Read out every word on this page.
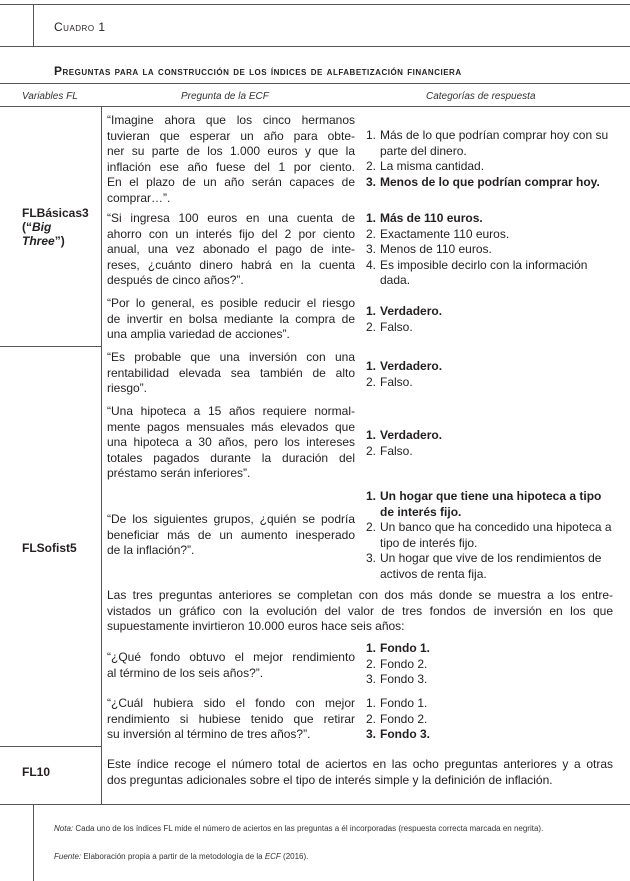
Cuadro 1
Preguntas para la construcción de los índices de alfabetización financiera
Variables FL	Pregunta de la ECF	Categorías de respuesta
FLBásicas3
(“Big
Three”)
“Imagine ahora que los cinco hermanos
tuvieran que esperar un año para obte-
ner su parte de los 1.000 euros y que la
inflación ese año fuese del 1 por ciento.
En el plazo de un año serán capaces de
comprar…”.
1. Más de lo que podrían comprar hoy con su parte del dinero.
2. La misma cantidad.
3. Menos de lo que podrían comprar hoy.
“Si ingresa 100 euros en una cuenta de
ahorro con un interés fijo del 2 por ciento
anual, una vez abonado el pago de inte-
reses, ¿cuánto dinero habrá en la cuenta
después de cinco años?”.
1. Más de 110 euros.
2. Exactamente 110 euros.
3. Menos de 110 euros.
4. Es imposible decirlo con la información dada.
“Por lo general, es posible reducir el riesgo
de invertir en bolsa mediante la compra de
una amplia variedad de acciones”.
1. Verdadero.
2. Falso.
FLSofist5
“Es probable que una inversión con una
rentabilidad elevada sea también de alto
riesgo”.
1. Verdadero.
2. Falso.
“Una hipoteca a 15 años requiere normal-
mente pagos mensuales más elevados que
una hipoteca a 30 años, pero los intereses
totales pagados durante la duración del
préstamo serán inferiores”.
1. Verdadero.
2. Falso.
“De los siguientes grupos, ¿quién se podría
beneficiar más de un aumento inesperado
de la inflación?”.
1. Un hogar que tiene una hipoteca a tipo de interés fijo.
2. Un banco que ha concedido una hipoteca a tipo de interés fijo.
3. Un hogar que vive de los rendimientos de activos de renta fija.
Las tres preguntas anteriores se completan con dos más donde se muestra a los entre-
vistados un gráfico con la evolución del valor de tres fondos de inversión en los que
supuestamente invirtieron 10.000 euros hace seis años:
“¿Qué fondo obtuvo el mejor rendimiento
al término de los seis años?”.
1. Fondo 1.
2. Fondo 2.
3. Fondo 3.
“¿Cuál hubiera sido el fondo con mejor
rendimiento si hubiese tenido que retirar
su inversión al término de tres años?”.
1. Fondo 1.
2. Fondo 2.
3. Fondo 3.
FL10
Este índice recoge el número total de aciertos en las ocho preguntas anteriores y a otras
dos preguntas adicionales sobre el tipo de interés simple y la definición de inflación.
Nota: Cada uno de los índices FL mide el número de aciertos en las preguntas a él incorporadas (respuesta correcta marcada en negrita).
Fuente: Elaboración propia a partir de la metodología de la ECF (2016).
